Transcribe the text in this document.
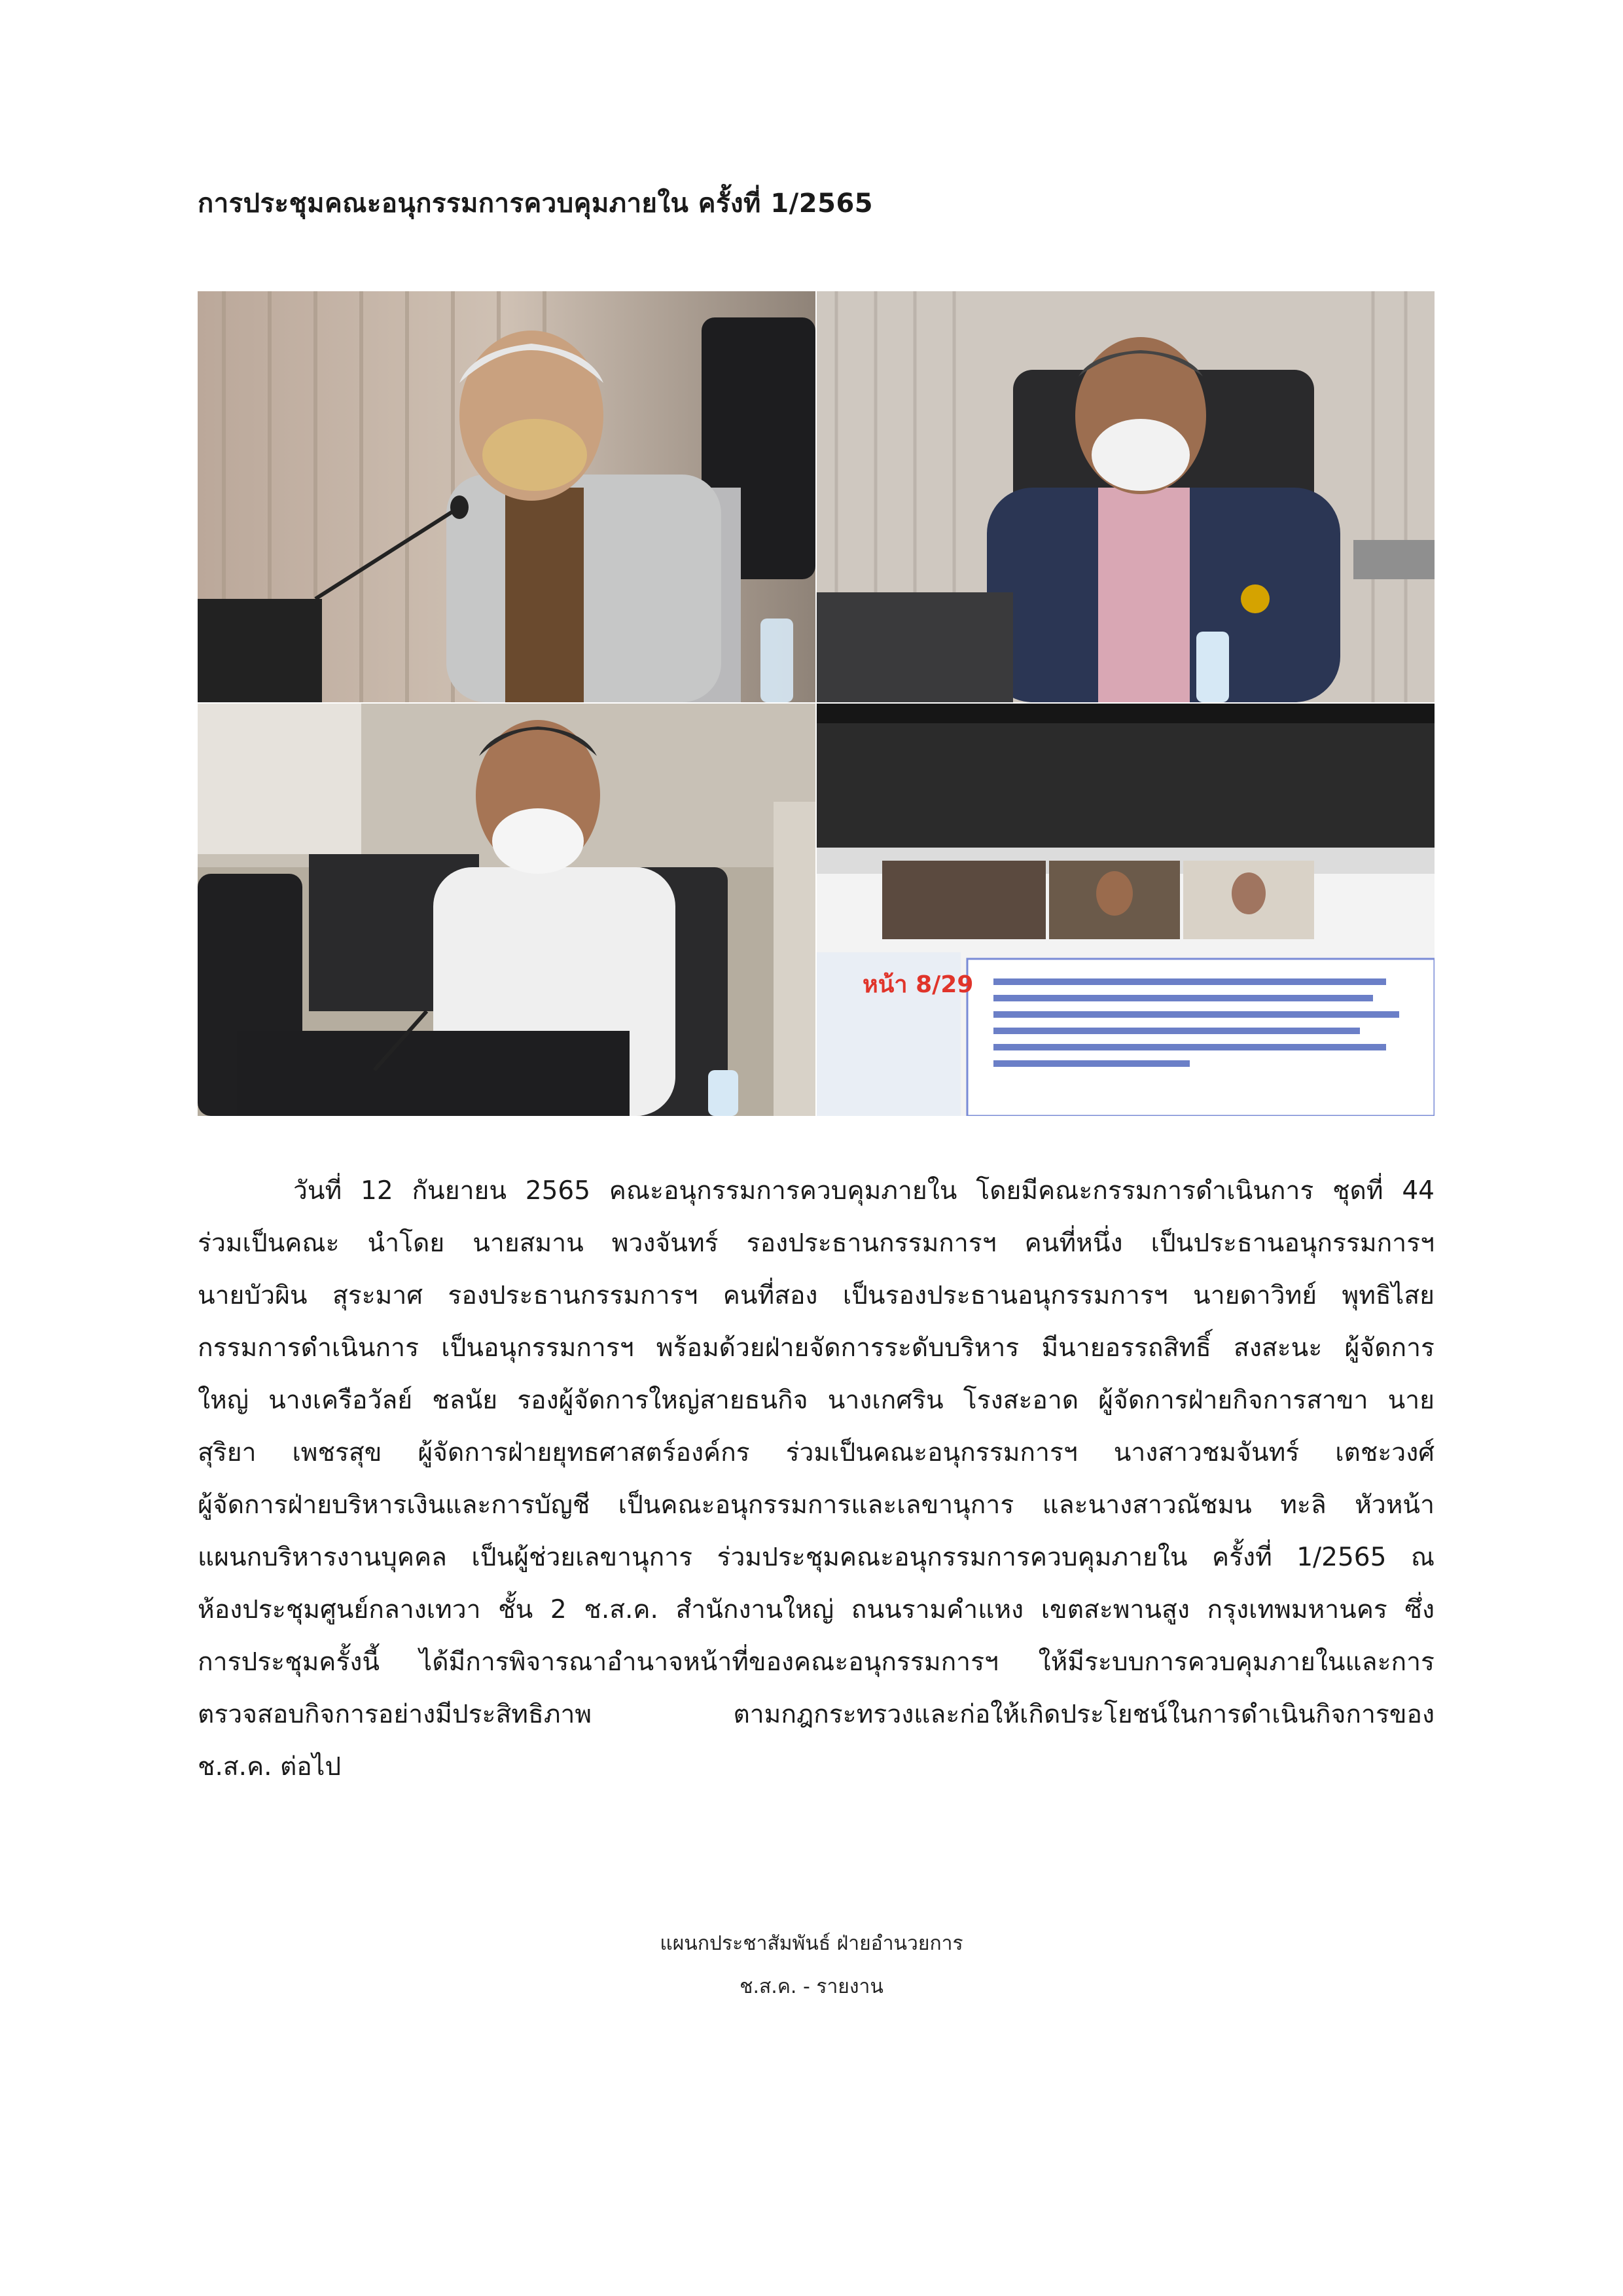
การประชุมคณะอนุกรรมการควบคุมภายใน ครั้งที่ 1/2565
หน้า 8/29
วันที่ 12 กันยายน 2565 คณะอนุกรรมการควบคุมภายใน โดยมีคณะกรรมการดำเนินการ ชุดที่ 44
ร่วมเป็นคณะ นำโดย นายสมาน พวงจันทร์ รองประธานกรรมการฯ คนที่หนึ่ง เป็นประธานอนุกรรมการฯ
นายบัวผิน สุระมาศ รองประธานกรรมการฯ คนที่สอง เป็นรองประธานอนุกรรมการฯ นายดาวิทย์ พุทธิไสย
กรรมการดำเนินการ เป็นอนุกรรมการฯ พร้อมด้วยฝ่ายจัดการระดับบริหาร มีนายอรรถสิทธิ์ สงสะนะ ผู้จัดการ
ใหญ่ นางเครือวัลย์ ชลนัย รองผู้จัดการใหญ่สายธนกิจ นางเกศริน โรงสะอาด ผู้จัดการฝ่ายกิจการสาขา นาย
สุริยา เพชรสุข ผู้จัดการฝ่ายยุทธศาสตร์องค์กร ร่วมเป็นคณะอนุกรรมการฯ นางสาวชมจันทร์ เตชะวงศ์
ผู้จัดการฝ่ายบริหารเงินและการบัญชี เป็นคณะอนุกรรมการและเลขานุการ และนางสาวณัชมน ทะลิ หัวหน้า
แผนกบริหารงานบุคคล เป็นผู้ช่วยเลขานุการ ร่วมประชุมคณะอนุกรรมการควบคุมภายใน ครั้งที่ 1/2565 ณ
ห้องประชุมศูนย์กลางเทวา ชั้น 2 ช.ส.ค. สำนักงานใหญ่ ถนนรามคำแหง เขตสะพานสูง กรุงเทพมหานคร ซึ่ง
การประชุมครั้งนี้ ได้มีการพิจารณาอำนาจหน้าที่ของคณะอนุกรรมการฯ ให้มีระบบการควบคุมภายในและการ
ตรวจสอบกิจการอย่างมีประสิทธิภาพ ตามกฎกระทรวงและก่อให้เกิดประโยชน์ในการดำเนินกิจการของ
ช.ส.ค. ต่อไป
แผนกประชาสัมพันธ์ ฝ่ายอำนวยการ
ช.ส.ค. - รายงาน
